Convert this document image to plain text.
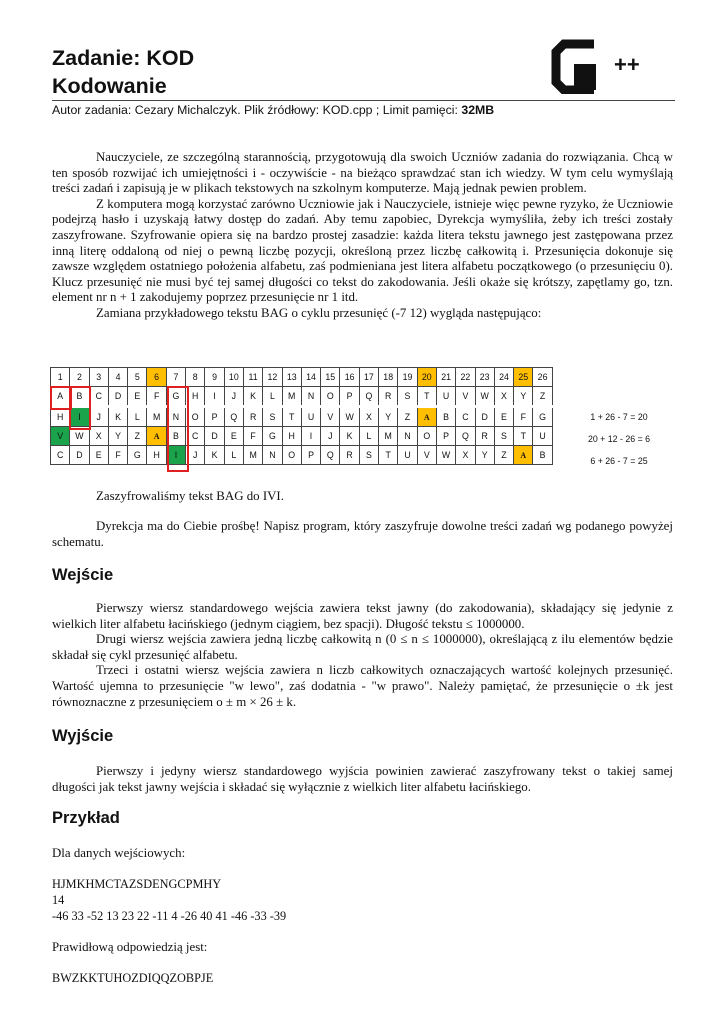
Zadanie: KOD
Kodowanie
++
Autor zadania: Cezary Michalczyk. Plik źródłowy: KOD.cpp ; Limit pamięci: 32MB

Nauczyciele, ze szczególną starannością, przygotowują dla swoich Uczniów zadania do rozwiązania. Chcą w ten sposób rozwijać ich umiejętności i - oczywiście - na bieżąco sprawdzać stan ich wiedzy. W tym celu wymyślają treści zadań i zapisują je w plikach tekstowych na szkolnym komputerze. Mają jednak pewien problem.

Z komputera mogą korzystać zarówno Uczniowie jak i Nauczyciele, istnieje więc pewne ryzyko, że Uczniowie podejrzą hasło i uzyskają łatwy dostęp do zadań. Aby temu zapobiec, Dyrekcja wymyśliła, żeby ich treści zostały zaszyfrowane. Szyfrowanie opiera się na bardzo prostej zasadzie: każda litera tekstu jawnego jest zastępowana przez inną literę oddaloną od niej o pewną liczbę pozycji, określoną przez liczbę całkowitą i. Przesunięcia dokonuje się zawsze względem ostatniego położenia alfabetu, zaś podmieniana jest litera alfabetu początkowego (o przesunięciu 0). Klucz przesunięć nie musi być tej samej długości co tekst do zakodowania. Jeśli okaże się krótszy, zapętlamy go, tzn. element nr n + 1 zakodujemy poprzez przesunięcie nr 1 itd.

Zamiana przykładowego tekstu BAG o cyklu przesunięć (-7 12) wygląda następująco:

1	2	3	4	5	6	7	8	9	10	11	12	13	14	15	16	17	18	19	20	21	22	23	24	25	26
A	B	C	D	E	F	G	H	I	J	K	L	M	N	O	P	Q	R	S	T	U	V	W	X	Y	Z
H	I	J	K	L	M	N	O	P	Q	R	S	T	U	V	W	X	Y	Z	A	B	C	D	E	F	G
V	W	X	Y	Z	A	B	C	D	E	F	G	H	I	J	K	L	M	N	O	P	Q	R	S	T	U
C	D	E	F	G	H	I	J	K	L	M	N	O	P	Q	R	S	T	U	V	W	X	Y	Z	A	B
1 + 26 - 7 = 20
20 + 12 - 26 = 6
6 + 26 - 7 = 25

Zaszyfrowaliśmy tekst BAG do IVI.

Dyrekcja ma do Ciebie prośbę! Napisz program, który zaszyfruje dowolne treści zadań wg podanego powyżej schematu.

Wejście

Pierwszy wiersz standardowego wejścia zawiera tekst jawny (do zakodowania), składający się jedynie z wielkich liter alfabetu łacińskiego (jednym ciągiem, bez spacji). Długość tekstu ≤ 1000000.

Drugi wiersz wejścia zawiera jedną liczbę całkowitą n (0 ≤ n ≤ 1000000), określającą z ilu elementów będzie składał się cykl przesunięć alfabetu.

Trzeci i ostatni wiersz wejścia zawiera n liczb całkowitych oznaczających wartość kolejnych przesunięć. Wartość ujemna to przesunięcie "w lewo", zaś dodatnia - "w prawo". Należy pamiętać, że przesunięcie o ±k jest równoznaczne z przesunięciem o ± m × 26 ± k.

Wyjście

Pierwszy i jedyny wiersz standardowego wyjścia powinien zawierać zaszyfrowany tekst o takiej samej długości jak tekst jawny wejścia i składać się wyłącznie z wielkich liter alfabetu łacińskiego.

Przykład
Dla danych wejściowych:
HJMKHMCTAZSDENGCPMHY
14
-46 33 -52 13 23 22 -11 4 -26 40 41 -46 -33 -39
Prawidłową odpowiedzią jest:
BWZKKTUHOZDIQQZOBPJE
